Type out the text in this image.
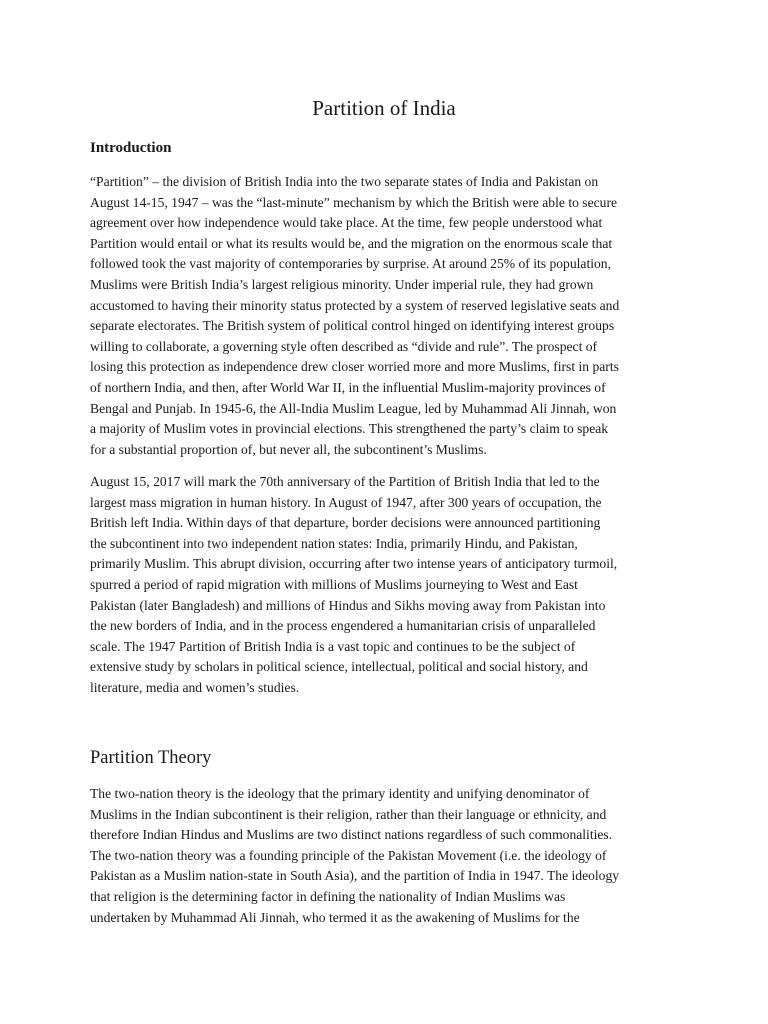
Partition of India
Introduction

“Partition” – the division of British India into the two separate states of India and Pakistan on
August 14-15, 1947 – was the “last-minute” mechanism by which the British were able to secure
agreement over how independence would take place. At the time, few people understood what
Partition would entail or what its results would be, and the migration on the enormous scale that
followed took the vast majority of contemporaries by surprise. At around 25% of its population,
Muslims were British India’s largest religious minority. Under imperial rule, they had grown
accustomed to having their minority status protected by a system of reserved legislative seats and
separate electorates. The British system of political control hinged on identifying interest groups
willing to collaborate, a governing style often described as “divide and rule”. The prospect of
losing this protection as independence drew closer worried more and more Muslims, first in parts
of northern India, and then, after World War II, in the influential Muslim-majority provinces of
Bengal and Punjab. In 1945-6, the All-India Muslim League, led by Muhammad Ali Jinnah, won
a majority of Muslim votes in provincial elections. This strengthened the party’s claim to speak
for a substantial proportion of, but never all, the subcontinent’s Muslims.

August 15, 2017 will mark the 70th anniversary of the Partition of British India that led to the
largest mass migration in human history. In August of 1947, after 300 years of occupation, the
British left India. Within days of that departure, border decisions were announced partitioning
the subcontinent into two independent nation states: India, primarily Hindu, and Pakistan,
primarily Muslim. This abrupt division, occurring after two intense years of anticipatory turmoil,
spurred a period of rapid migration with millions of Muslims journeying to West and East
Pakistan (later Bangladesh) and millions of Hindus and Sikhs moving away from Pakistan into
the new borders of India, and in the process engendered a humanitarian crisis of unparalleled
scale. The 1947 Partition of British India is a vast topic and continues to be the subject of
extensive study by scholars in political science, intellectual, political and social history, and
literature, media and women’s studies.

Partition Theory

The two-nation theory is the ideology that the primary identity and unifying denominator of
Muslims in the Indian subcontinent is their religion, rather than their language or ethnicity, and
therefore Indian Hindus and Muslims are two distinct nations regardless of such commonalities.
The two-nation theory was a founding principle of the Pakistan Movement (i.e. the ideology of
Pakistan as a Muslim nation-state in South Asia), and the partition of India in 1947. The ideology
that religion is the determining factor in defining the nationality of Indian Muslims was
undertaken by Muhammad Ali Jinnah, who termed it as the awakening of Muslims for the
